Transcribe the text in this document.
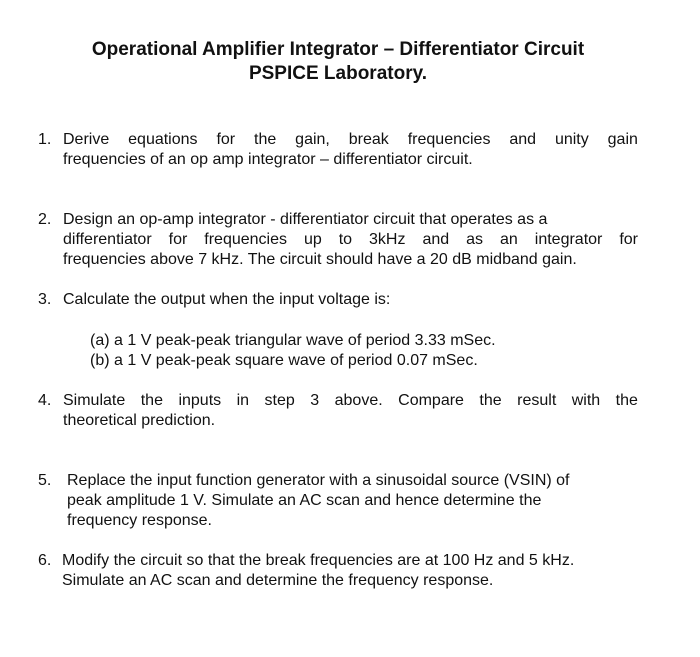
Operational Amplifier Integrator – Differentiator Circuit
PSPICE Laboratory.
1. Derive equations for the gain, break frequencies and unity gain
frequencies of an op amp integrator – differentiator circuit.
2. Design an op-amp integrator - differentiator circuit that operates as a
differentiator for frequencies up to 3kHz and as an integrator for
frequencies above 7 kHz. The circuit should have a 20 dB midband gain.
3. Calculate the output when the input voltage is:
(a) a 1 V peak-peak triangular wave of period 3.33 mSec.
(b) a 1 V peak-peak square wave of period 0.07 mSec.
4. Simulate the inputs in step 3 above. Compare the result with the
theoretical prediction.
5. Replace the input function generator with a sinusoidal source (VSIN) of
peak amplitude 1 V. Simulate an AC scan and hence determine the
frequency response.
6. Modify the circuit so that the break frequencies are at 100 Hz and 5 kHz.
Simulate an AC scan and determine the frequency response.
